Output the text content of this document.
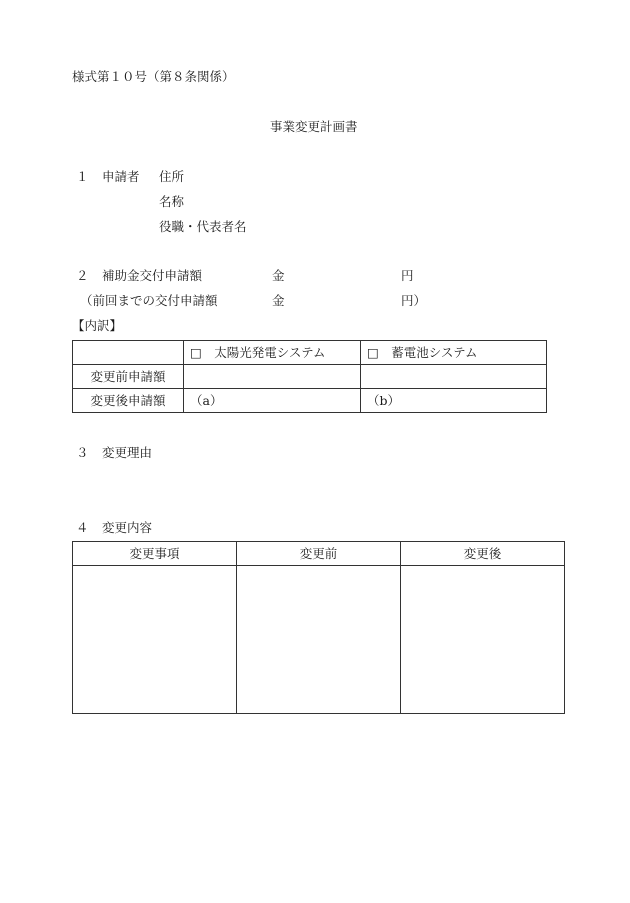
様式第１０号（第８条関係）
事業変更計画書
１ 申請者 住所
名称
役職・代表者名
２ 補助金交付申請額	金	円
（前回までの交付申請額	金	円）
【内訳】
	□　太陽光発電システム	□　蓄電池システム
変更前申請額		
変更後申請額	（a）	（b）
３ 変更理由
４ 変更内容
変更事項	変更前	変更後
